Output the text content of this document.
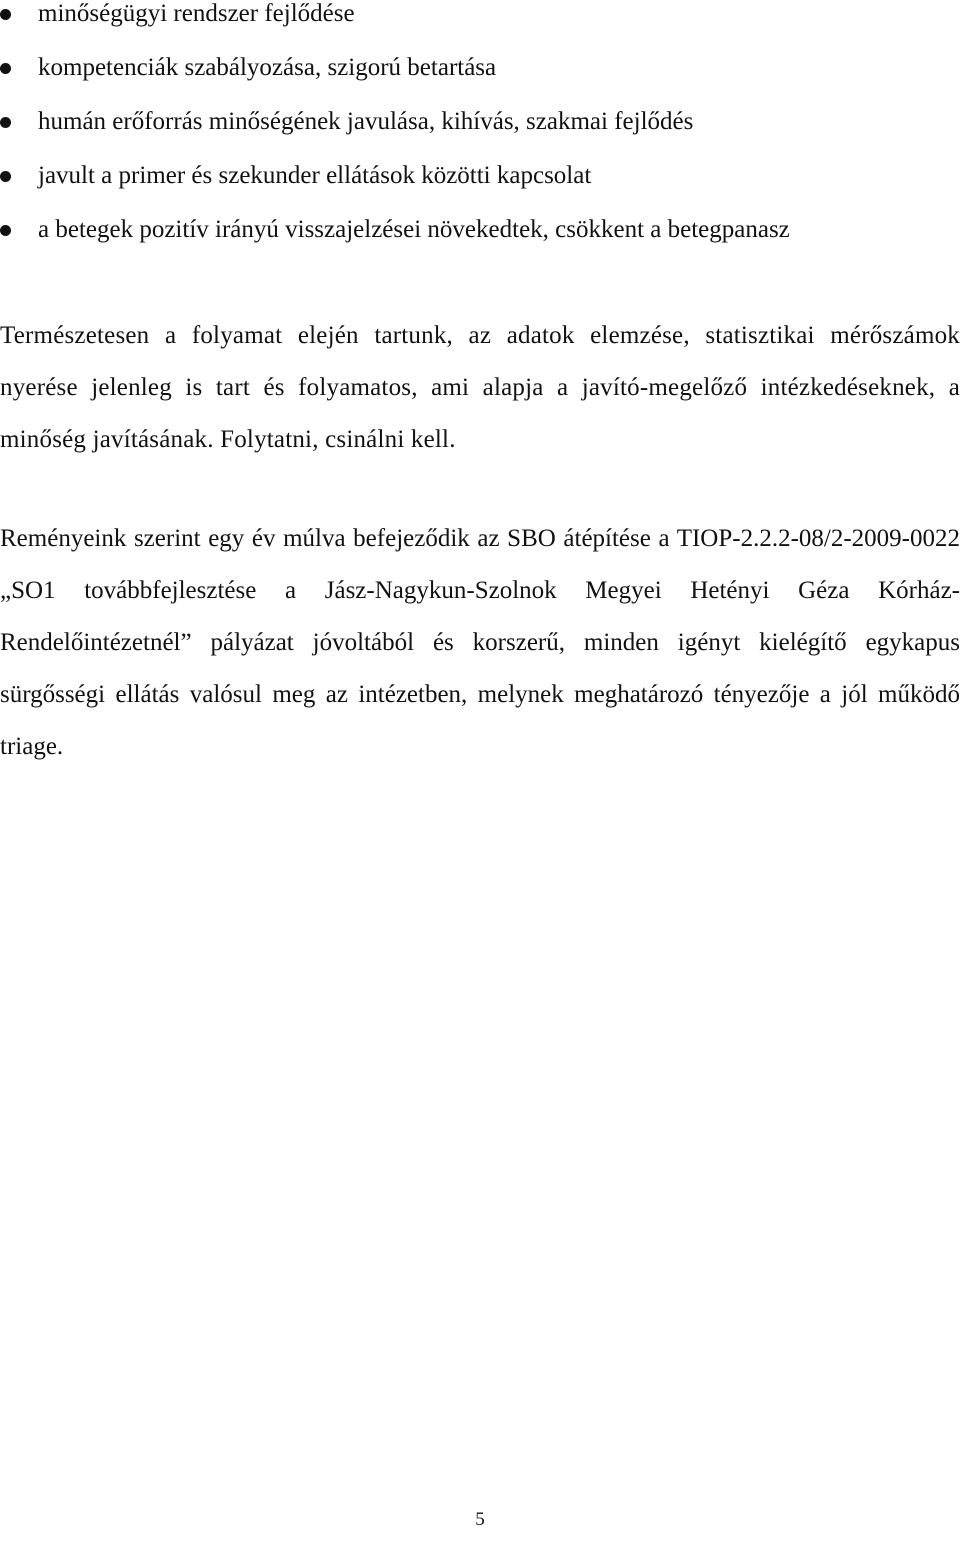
minőségügyi rendszer fejlődése
kompetenciák szabályozása, szigorú betartása
humán erőforrás minőségének javulása, kihívás, szakmai fejlődés
javult a primer és szekunder ellátások közötti kapcsolat
a betegek pozitív irányú visszajelzései növekedtek, csökkent a betegpanasz

Természetesen a folyamat elején tartunk, az adatok elemzése, statisztikai mérőszámok nyerése jelenleg is tart és folyamatos, ami alapja a javító-megelőző intézkedéseknek, a minőség javításának. Folytatni, csinálni kell.

Reményeink szerint egy év múlva befejeződik az SBO átépítése a TIOP-2.2.2-08/2-2009-0022 „SO1 továbbfejlesztése a Jász-Nagykun-Szolnok Megyei Hetényi Géza Kórház-Rendelőintézetnél” pályázat jóvoltából és korszerű, minden igényt kielégítő egykapus sürgősségi ellátás valósul meg az intézetben, melynek meghatározó tényezője a jól működő triage.

5
